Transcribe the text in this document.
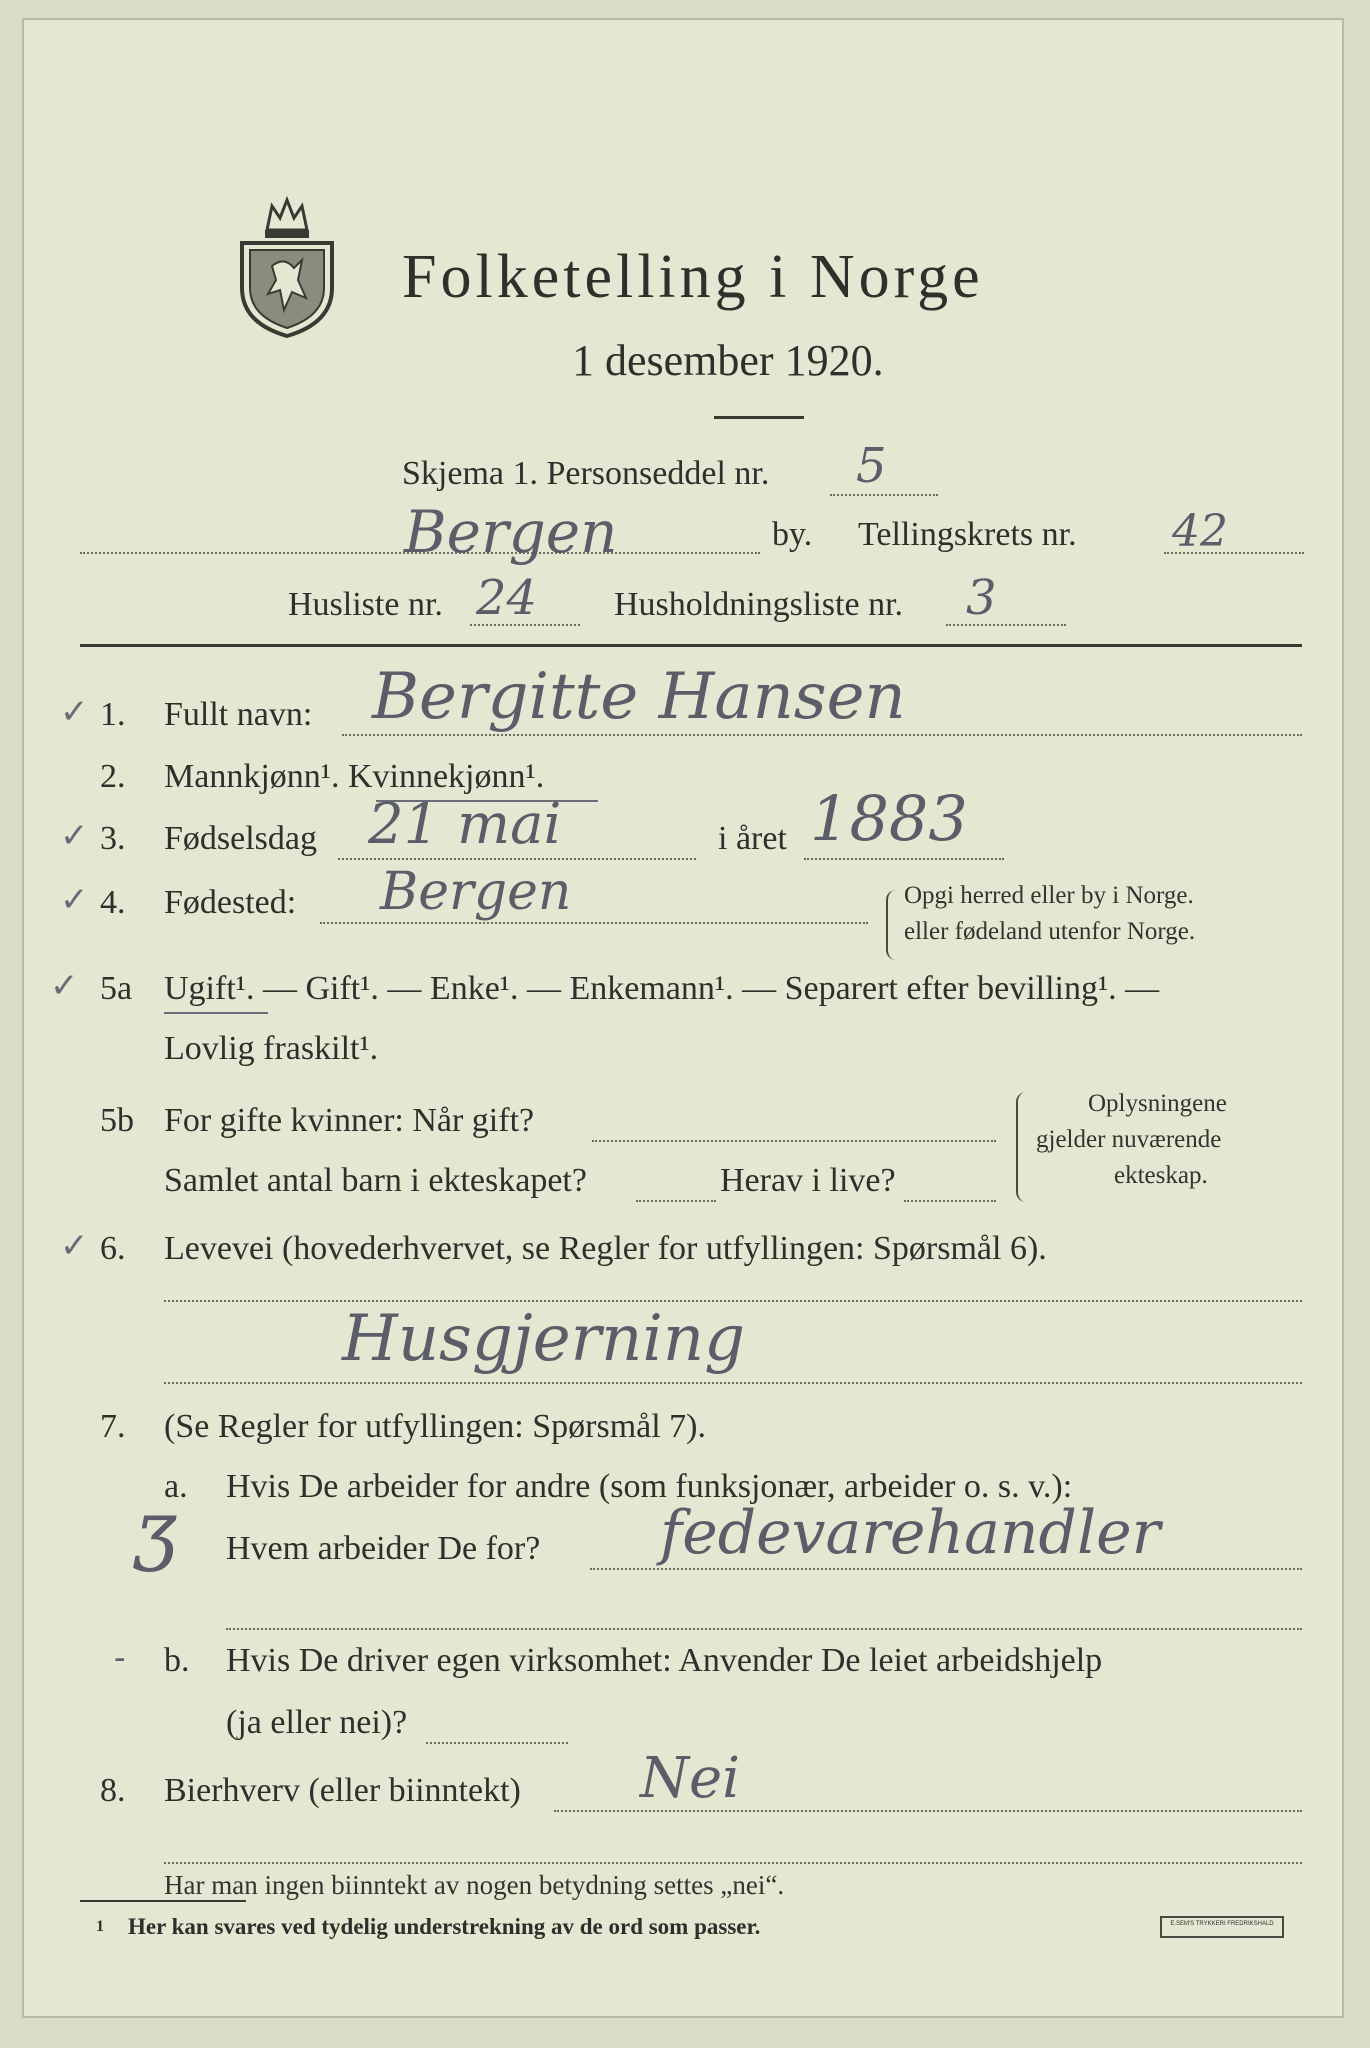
Folketelling i Norge
1 desember 1920.
Skjema 1. Personseddel nr. 5
Bergen	by. Tellingskrets nr. 42
Husliste nr. 24 Husholdningsliste nr. 3
✓ 1. Fullt navn: Bergitte Hansen
2. Mannkjønn¹. Kvinnekjønn¹.
✓ 3. Fødselsdag 21 mai	i året 1883
✓ 4. Fødested: Bergen	Opgi herred eller by i Norge.
eller fødeland utenfor Norge.
✓ 5a Ugift¹. — Gift¹. — Enke¹. — Enkemann¹. — Separert efter bevilling¹. —
Lovlig fraskilt¹.
5b For gifte kvinner: Når gift?
Samlet antal barn i ekteskapet?	Herav i live?
Oplysningene
gjelder nuværende
ekteskap.
✓ 6. Levevei (hovederhvervet, se Regler for utfyllingen: Spørsmål 6).
Husgjerning
7. (Se Regler for utfyllingen: Spørsmål 7).
a. Hvis De arbeider for andre (som funksjonær, arbeider o. s. v.):
Ʒ Hvem arbeider De for? fedevarehandler
- b. Hvis De driver egen virksomhet: Anvender De leiet arbeidshjelp
(ja eller nei)?
8. Bierhverv (eller biinntekt) Nei
Har man ingen biinntekt av nogen betydning settes „nei“.
1 Her kan svares ved tydelig understrekning av de ord som passer.	E.SEM'S TRYKKERI FREDRIKSHALD
